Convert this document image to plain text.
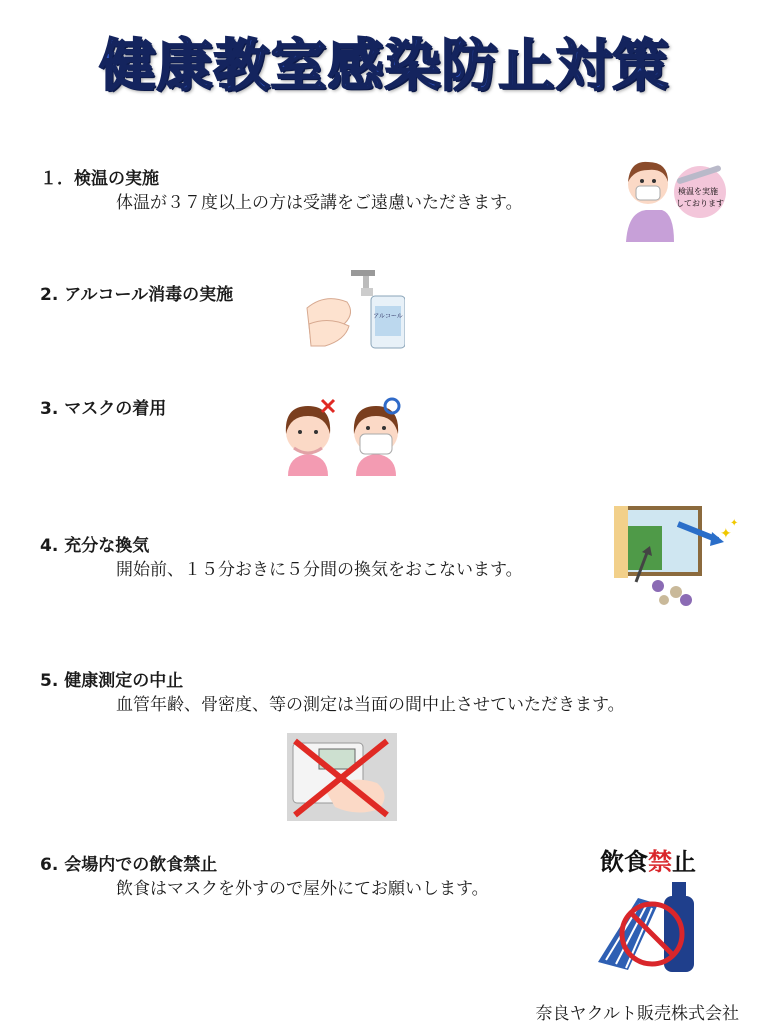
健康教室感染防止対策
１．検温の実施
体温が３７度以上の方は受講をご遠慮いただきます。
検温を実施
しております
2. アルコール消毒の実施
アルコール
3. マスクの着用
4. 充分な換気
開始前、１５分おきに５分間の換気をおこないます。
✦
✦
5. 健康測定の中止
血管年齢、骨密度、等の測定は当面の間中止させていただきます。
6. 会場内での飲食禁止
飲食はマスクを外すので屋外にてお願いします。
飲食禁止
奈良ヤクルト販売株式会社
